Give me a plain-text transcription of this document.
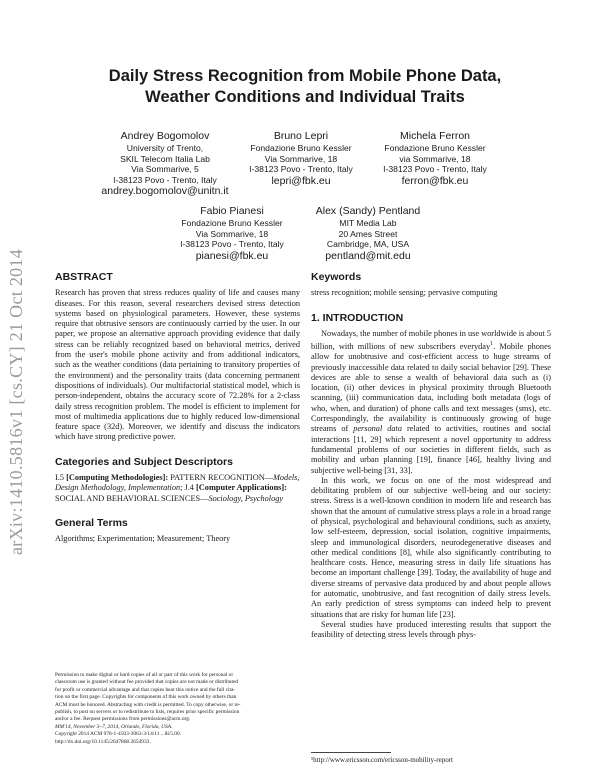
arXiv:1410.5816v1 [cs.CY] 21 Oct 2014
Daily Stress Recognition from Mobile Phone Data,
Weather Conditions and Individual Traits
Andrey Bogomolov
University of Trento,
SKIL Telecom Italia Lab
Via Sommarive, 5
I-38123 Povo - Trento, Italy
andrey.bogomolov@unitn.it
Bruno Lepri
Fondazione Bruno Kessler
Via Sommarive, 18
I-38123 Povo - Trento, Italy
lepri@fbk.eu
Michela Ferron
Fondazione Bruno Kessler
via Sommarive, 18
I-38123 Povo - Trento, Italy
ferron@fbk.eu
Fabio Pianesi
Fondazione Bruno Kessler
Via Sommarive, 18
I-38123 Povo - Trento, Italy
pianesi@fbk.eu
Alex (Sandy) Pentland
MIT Media Lab
20 Ames Street
Cambridge, MA, USA
pentland@mit.edu
ABSTRACT

Research has proven that stress reduces quality of life and causes many diseases. For this reason, several researchers devised stress detection systems based on physiological parameters. However, these systems require that obtrusive sensors are continuously carried by the user. In our paper, we propose an alternative approach providing evidence that daily stress can be reliably recognized based on behavioral metrics, derived from the user's mobile phone activity and from additional indicators, such as the weather conditions (data pertaining to transitory properties of the environment) and the personality traits (data concerning permanent dispositions of individuals). Our multifactorial statistical model, which is person-independent, obtains the accuracy score of 72.28% for a 2-class daily stress recognition problem. The model is efficient to implement for most of multimedia applications due to highly reduced low-dimensional feature space (32d). Moreover, we identify and discuss the indicators which have strong predictive power.

Categories and Subject Descriptors

I.5 [Computing Methodologies]: PATTERN RECOGNITION—Models, Design Methodology, Implementation; J.4 [Computer Applications]: SOCIAL AND BEHAVIORAL SCIENCES—Sociology, Psychology

General Terms

Algorithms; Experimentation; Measurement; Theory

Permission to make digital or hard copies of all or part of this work for personal or
classroom use is granted without fee provided that copies are not made or distributed
for profit or commercial advantage and that copies bear this notice and the full cita-
tion on the first page. Copyrights for components of this work owned by others than
ACM must be honored. Abstracting with credit is permitted. To copy otherwise, or re-
publish, to post on servers or to redistribute to lists, requires prior specific permission
and/or a fee. Request permissions from permissions@acm.org.
MM'14, November 3–7, 2014, Orlando, Florida, USA.
Copyright 2014 ACM 978-1-4503-3063-3/14/11 ...$15.00.
http://dx.doi.org/10.1145/2647868.2654933.
Keywords

stress recognition; mobile sensing; pervasive computing

1. INTRODUCTION

Nowadays, the number of mobile phones in use worldwide is about 5 billion, with millions of new subscribers everyday$^1$. Mobile phones allow for unobtrusive and cost-efficient access to huge streams of previously inaccessible data related to daily social behavior [29]. These devices are able to sense a wealth of behavioral data such as (i) location, (ii) other devices in physical proximity through Bluetooth scanning, (iii) communication data, including both metadata (logs of who, when, and duration) of phone calls and text messages (sms), etc. Correspondingly, the availability is continuously growing of huge streams of personal data related to activities, routines and social interactions [11, 29] which represent a novel opportunity to address fundamental problems of our societies in different fields, such as mobility and urban planning [19], finance [46], healthy living and subjective well-being [31, 33].

In this work, we focus on one of the most widespread and debilitating problem of our subjective well-being and our society: stress. Stress is a well-known condition in modern life and research has shown that the amount of cumulative stress plays a role in a broad range of physical, psychological and behavioural conditions, such as anxiety, low self-esteem, depression, social isolation, cognitive impairments, sleep and immunological disorders, neurodegenerative diseases and other medical conditions [8], while also significantly contributing to healthcare costs. Hence, measuring stress in daily life situations has become an important challenge [39]. Today, the availability of huge and diverse streams of pervasive data produced by and about people allows for automatic, unobtrusive, and fast recognition of daily stress levels. An early prediction of stress symptoms can indeed help to prevent situations that are risky for human life [23].

Several studies have produced interesting results that support the feasibility of detecting stress levels through phys-

¹http://www.ericsson.com/ericsson-mobility-report
